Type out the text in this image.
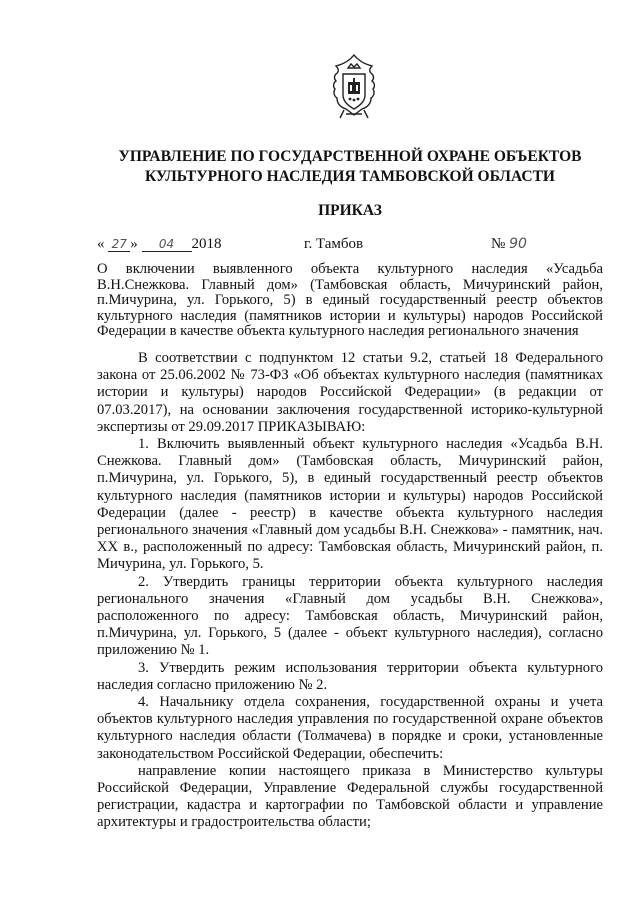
УПРАВЛЕНИЕ ПО ГОСУДАРСТВЕННОЙ ОХРАНЕ ОБЪЕКТОВ
КУЛЬТУРНОГО НАСЛЕДИЯ ТАМБОВСКОЙ ОБЛАСТИ
ПРИКАЗ
« 27 » 04 2018	г. Тамбов	№ 90
О включении выявленного объекта культурного наследия «Усадьба В.Н.Снежкова. Главный дом» (Тамбовская область, Мичуринский район, п.Мичурина, ул. Горького, 5) в единый государственный реестр объектов культурного наследия (памятников истории и культуры) народов Российской Федерации в качестве объекта культурного наследия регионального значения

В соответствии с подпунктом 12 статьи 9.2, статьей 18 Федерального закона от 25.06.2002 № 73-ФЗ «Об объектах культурного наследия (памятниках истории и культуры) народов Российской Федерации» (в редакции от 07.03.2017), на основании заключения государственной историко-культурной экспертизы от 29.09.2017 ПРИКАЗЫВАЮ:

1. Включить выявленный объект культурного наследия «Усадьба В.Н. Снежкова. Главный дом» (Тамбовская область, Мичуринский район, п.Мичурина, ул. Горького, 5), в единый государственный реестр объектов культурного наследия (памятников истории и культуры) народов Российской Федерации (далее - реестр) в качестве объекта культурного наследия регионального значения «Главный дом усадьбы В.Н. Снежкова» - памятник, нач. XX в., расположенный по адресу: Тамбовская область, Мичуринский район, п. Мичурина, ул. Горького, 5.

2. Утвердить границы территории объекта культурного наследия регионального значения «Главный дом усадьбы В.Н. Снежкова», расположенного по адресу: Тамбовская область, Мичуринский район, п.Мичурина, ул. Горького, 5 (далее - объект культурного наследия), согласно приложению № 1.

3. Утвердить режим использования территории объекта культурного наследия согласно приложению № 2.

4. Начальнику отдела сохранения, государственной охраны и учета объектов культурного наследия управления по государственной охране объектов культурного наследия области (Толмачева) в порядке и сроки, установленные законодательством Российской Федерации, обеспечить:

направление копии настоящего приказа в Министерство культуры Российской Федерации, Управление Федеральной службы государственной регистрации, кадастра и картографии по Тамбовской области и управление архитектуры и градостроительства области;
